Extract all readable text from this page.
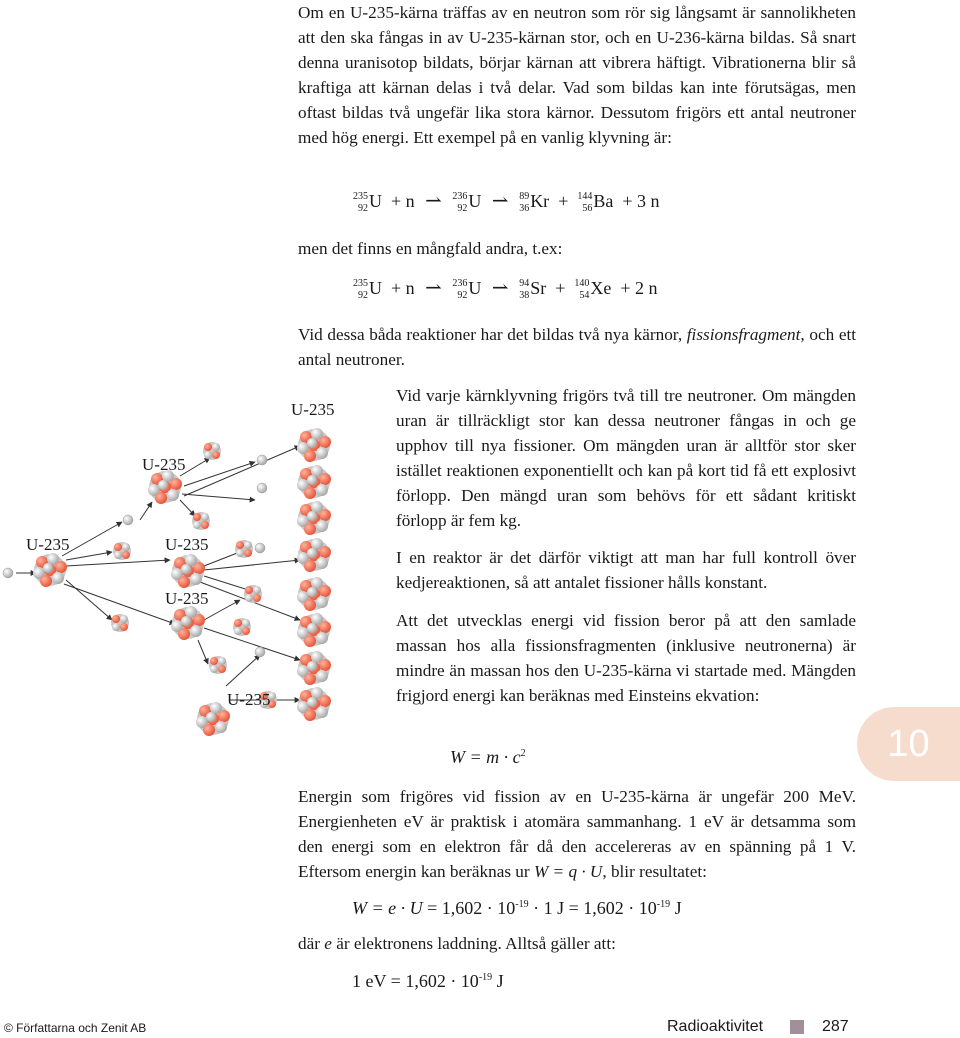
Om en U-235-kärna träffas av en neutron som rör sig långsamt är sannolikheten att den ska fångas in av U-235-kärnan stor, och en U-236-kärna bildas. Så snart denna uranisotop bildats, börjar kärnan att vibrera häftigt. Vibrationerna blir så kraftiga att kärnan delas i två delar. Vad som bildas kan inte förutsägas, men oftast bildas två ungefär lika stora kärnor. Dessutom frigörs ett antal neutroner med hög energi. Ett exempel på en vanlig klyvning är:

235
92 U  + n ⇀ 236
92 U ⇀ 89
36 Kr  + 144
56 Ba  + 3 n

men det finns en mångfald andra, t.ex:

235
92 U  + n ⇀ 236
92 U ⇀ 94
38 Sr  + 140
54 Xe  + 2 n

Vid dessa båda reaktioner har det bildas två nya kärnor, fissionsfragment, och ett antal neutroner.

U-235
U-235
U-235	U-235
U-235
U-235

Vid varje kärnklyvning frigörs två till tre neutroner. Om mängden uran är tillräckligt stor kan dessa neutroner fångas in och ge upphov till nya fissioner. Om mängden uran är alltför stor sker istället reaktionen exponentiellt och kan på kort tid få ett explosivt förlopp. Den mängd uran som behövs för ett sådant kritiskt förlopp är fem kg.

I en reaktor är det därför viktigt att man har full kontroll över kedjereaktionen, så att antalet fissioner hålls konstant.

Att det utvecklas energi vid fission beror på att den samlade massan hos alla fissionsfragmenten (inklusive neutronerna) är mindre än massan hos den U-235-kärna vi startade med. Mängden frigjord energi kan beräknas med Einsteins ekvation:

$W = m \cdot c^2$	10

Energin som frigöres vid fission av en U-235-kärna är ungefär 200 MeV. Energienheten eV är praktisk i atomära sammanhang. 1 eV är detsamma som den energi som en elektron får då den accelereras av en spänning på 1 V. Eftersom energin kan beräknas ur W = q · U, blir resultatet:

$W = e \cdot U = 1,602 \cdot 10^{-19} \cdot 1$ $J = 1,602 \cdot 10^{-19}$ J

där e är elektronens laddning. Alltså gäller att:

1 eV = $1,602 \cdot 10^{-19}$ J
© Författarna och Zenit AB	Radioaktivitet	287
